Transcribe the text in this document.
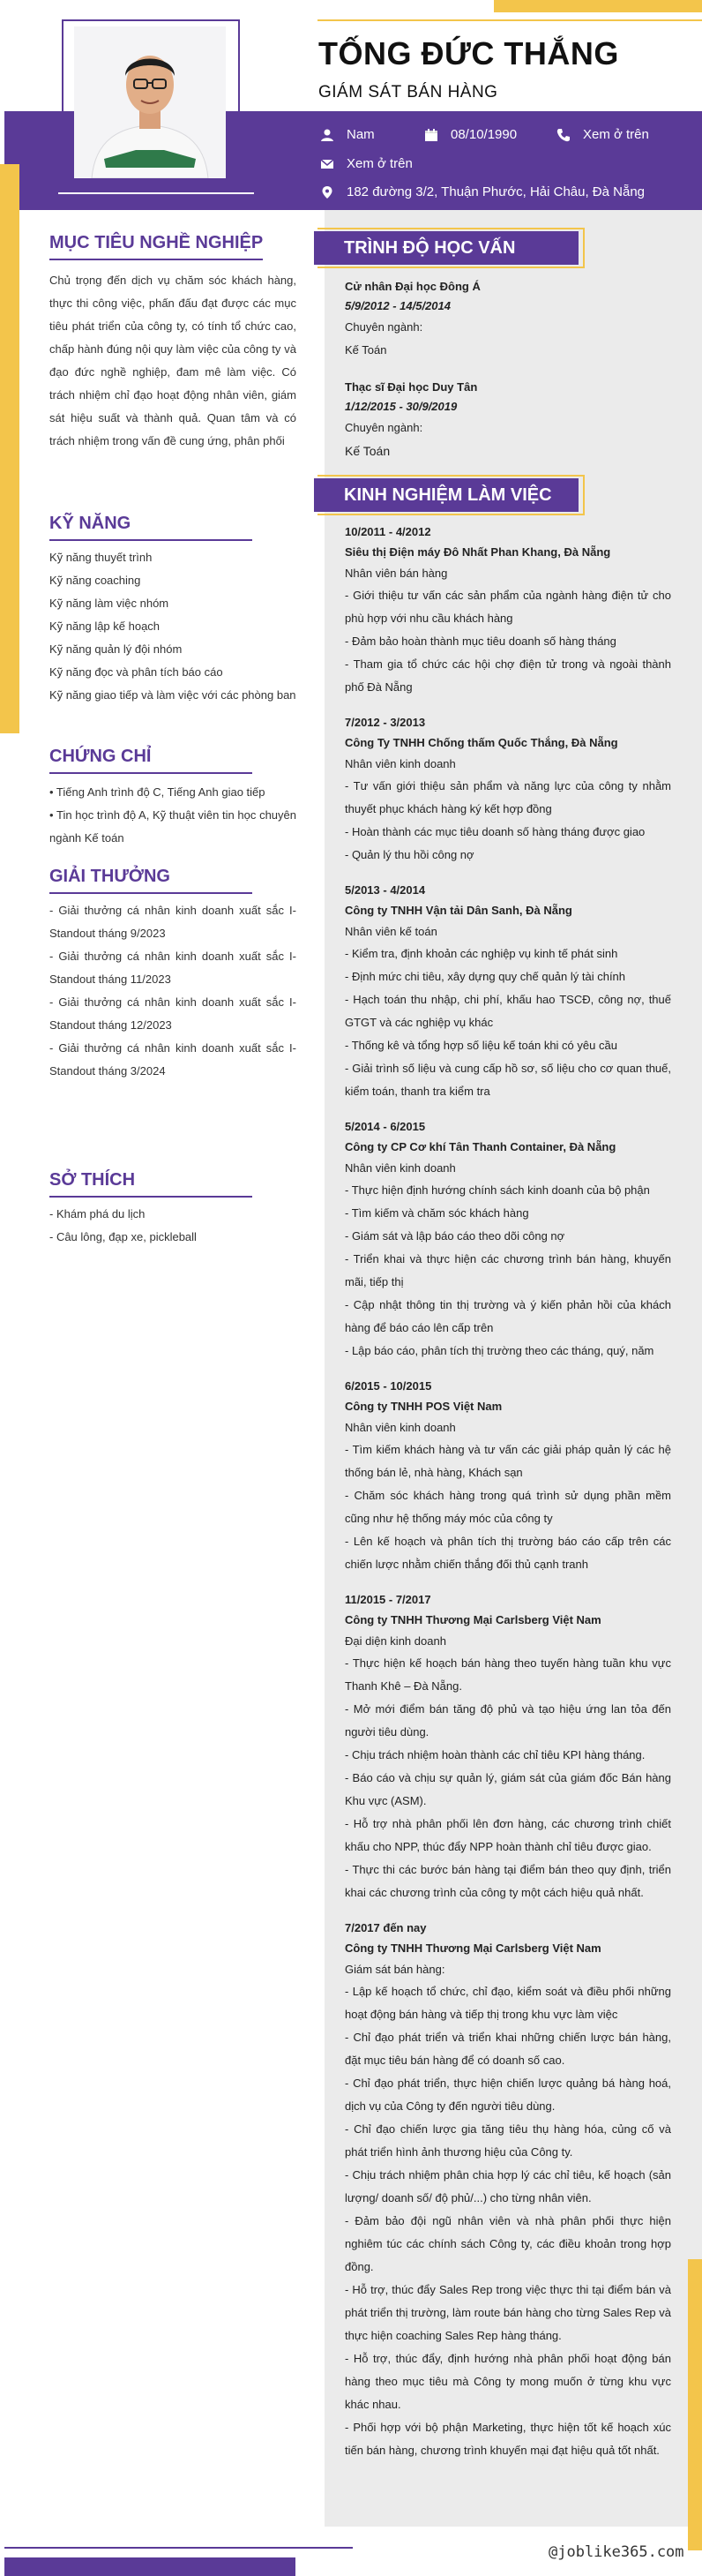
TỐNG ĐỨC THẮNG
GIÁM SÁT BÁN HÀNG
Nam	08/10/1990	Xem ở trên
Xem ở trên
182 đường 3/2, Thuận Phước, Hải Châu, Đà Nẵng
MỤC TIÊU NGHỀ NGHIỆP
Chủ trọng đến dịch vụ chăm sóc khách hàng, thực thi công việc, phấn đấu đạt được các mục tiêu phát triển của công ty, có tính tổ chức cao, chấp hành đúng nội quy làm việc của công ty và đạo đức nghề nghiệp, đam mê làm việc. Có trách nhiệm chỉ đạo hoạt động nhân viên, giám sát hiệu suất và thành quả. Quan tâm và có trách nhiệm trong vấn đề cung ứng, phân phối
KỸ NĂNG
Kỹ năng thuyết trình
Kỹ năng coaching
Kỹ năng làm việc nhóm
Kỹ năng lập kế hoạch
Kỹ năng quản lý đội nhóm
Kỹ năng đọc và phân tích báo cáo
Kỹ năng giao tiếp và làm việc với các phòng ban
CHỨNG CHỈ
• Tiếng Anh trình độ C, Tiếng Anh giao tiếp
• Tin học trình độ A, Kỹ thuật viên tin học chuyên ngành Kế toán
GIẢI THƯỞNG
- Giải thưởng cá nhân kinh doanh xuất sắc I-Standout tháng 9/2023
- Giải thưởng cá nhân kinh doanh xuất sắc I-Standout tháng 11/2023
- Giải thưởng cá nhân kinh doanh xuất sắc I-Standout tháng 12/2023
- Giải thưởng cá nhân kinh doanh xuất sắc I-Standout tháng 3/2024
SỞ THÍCH
- Khám phá du lịch
- Câu lông, đạp xe, pickleball
TRÌNH ĐỘ HỌC VẤN
Cử nhân Đại học Đông Á
5/9/2012 - 14/5/2014
Chuyên ngành:
Kế Toán
Thạc sĩ Đại học Duy Tân
1/12/2015 - 30/9/2019
Chuyên ngành:
Kế Toán
KINH NGHIỆM LÀM VIỆC
10/2011 - 4/2012
Siêu thị Điện máy Đô Nhất Phan Khang, Đà Nẵng
Nhân viên bán hàng
- Giới thiệu tư vấn các sản phẩm của ngành hàng điện tử cho phù hợp với nhu cầu khách hàng
- Đảm bảo hoàn thành mục tiêu doanh số hàng tháng
- Tham gia tổ chức các hội chợ điện tử trong và ngoài thành phố Đà Nẵng
7/2012 - 3/2013
Công Ty TNHH Chống thấm Quốc Thắng, Đà Nẵng
Nhân viên kinh doanh
- Tư vấn giới thiệu sản phẩm và năng lực của công ty nhằm thuyết phục khách hàng ký kết hợp đồng
- Hoàn thành các mục tiêu doanh số hàng tháng được giao
- Quản lý thu hồi công nợ
5/2013 - 4/2014
Công ty TNHH Vận tải Dân Sanh, Đà Nẵng
Nhân viên kế toán
- Kiểm tra, định khoản các nghiệp vụ kinh tế phát sinh
- Định mức chi tiêu, xây dựng quy chế quản lý tài chính
- Hạch toán thu nhập, chi phí, khấu hao TSCĐ, công nợ, thuế GTGT và các nghiệp vụ khác
- Thống kê và tổng hợp số liệu kế toán khi có yêu cầu
- Giải trình số liệu và cung cấp hồ sơ, số liệu cho cơ quan thuế, kiểm toán, thanh tra kiểm tra
5/2014 - 6/2015
Công ty CP Cơ khí Tân Thanh Container, Đà Nẵng
Nhân viên kinh doanh
- Thực hiện định hướng chính sách kinh doanh của bộ phận
- Tìm kiếm và chăm sóc khách hàng
- Giám sát và lập báo cáo theo dõi công nợ
- Triển khai và thực hiện các chương trình bán hàng, khuyến mãi, tiếp thị
- Cập nhật thông tin thị trường và ý kiến phản hồi của khách hàng để báo cáo lên cấp trên
- Lập báo cáo, phân tích thị trường theo các tháng, quý, năm
6/2015 - 10/2015
Công ty TNHH POS Việt Nam
Nhân viên kinh doanh
- Tìm kiếm khách hàng và tư vấn các giải pháp quản lý các hệ thống bán lẻ, nhà hàng, Khách sạn
- Chăm sóc khách hàng trong quá trình sử dụng phần mềm cũng như hệ thống máy móc của công ty
- Lên kế hoạch và phân tích thị trường báo cáo cấp trên các chiến lược nhằm chiến thắng đối thủ cạnh tranh
11/2015 - 7/2017
Công ty TNHH Thương Mại Carlsberg Việt Nam
Đại diện kinh doanh
- Thực hiện kế hoạch bán hàng theo tuyến hàng tuần khu vực Thanh Khê – Đà Nẵng.
- Mở mới điểm bán tăng độ phủ và tạo hiệu ứng lan tỏa đến người tiêu dùng.
- Chịu trách nhiệm hoàn thành các chỉ tiêu KPI hàng tháng.
- Báo cáo và chịu sự quản lý, giám sát của giám đốc Bán hàng Khu vực (ASM).
- Hỗ trợ nhà phân phối lên đơn hàng, các chương trình chiết khấu cho NPP, thúc đẩy NPP hoàn thành chỉ tiêu được giao.
- Thực thi các bước bán hàng tại điểm bán theo quy định, triển khai các chương trình của công ty một cách hiệu quả nhất.
7/2017 đến nay
Công ty TNHH Thương Mại Carlsberg Việt Nam
Giám sát bán hàng:
- Lập kế hoạch tổ chức, chỉ đạo, kiểm soát và điều phối những hoạt động bán hàng và tiếp thị trong khu vực làm việc
- Chỉ đạo phát triển và triển khai những chiến lược bán hàng, đặt mục tiêu bán hàng để có doanh số cao.
- Chỉ đạo phát triển, thực hiện chiến lược quảng bá hàng hoá, dịch vụ của Công ty đến người tiêu dùng.
- Chỉ đạo chiến lược gia tăng tiêu thụ hàng hóa, củng cố và phát triển hình ảnh thương hiệu của Công ty.
- Chịu trách nhiệm phân chia hợp lý các chỉ tiêu, kế hoạch (sản lượng/ doanh số/ độ phủ/...) cho từng nhân viên.
- Đảm bảo đội ngũ nhân viên và nhà phân phối thực hiện nghiêm túc các chính sách Công ty, các điều khoản trong hợp đồng.
- Hỗ trợ, thúc đẩy Sales Rep trong việc thực thi tại điểm bán và phát triển thị trường, làm route bán hàng cho từng Sales Rep và thực hiện coaching Sales Rep hàng tháng.
- Hỗ trợ, thúc đẩy, định hướng nhà phân phối hoạt động bán hàng theo mục tiêu mà Công ty mong muốn ở từng khu vực khác nhau.
- Phối hợp với bộ phận Marketing, thực hiện tốt kế hoạch xúc tiến bán hàng, chương trình khuyến mại đạt hiệu quả tốt nhất.
@joblike365.com
